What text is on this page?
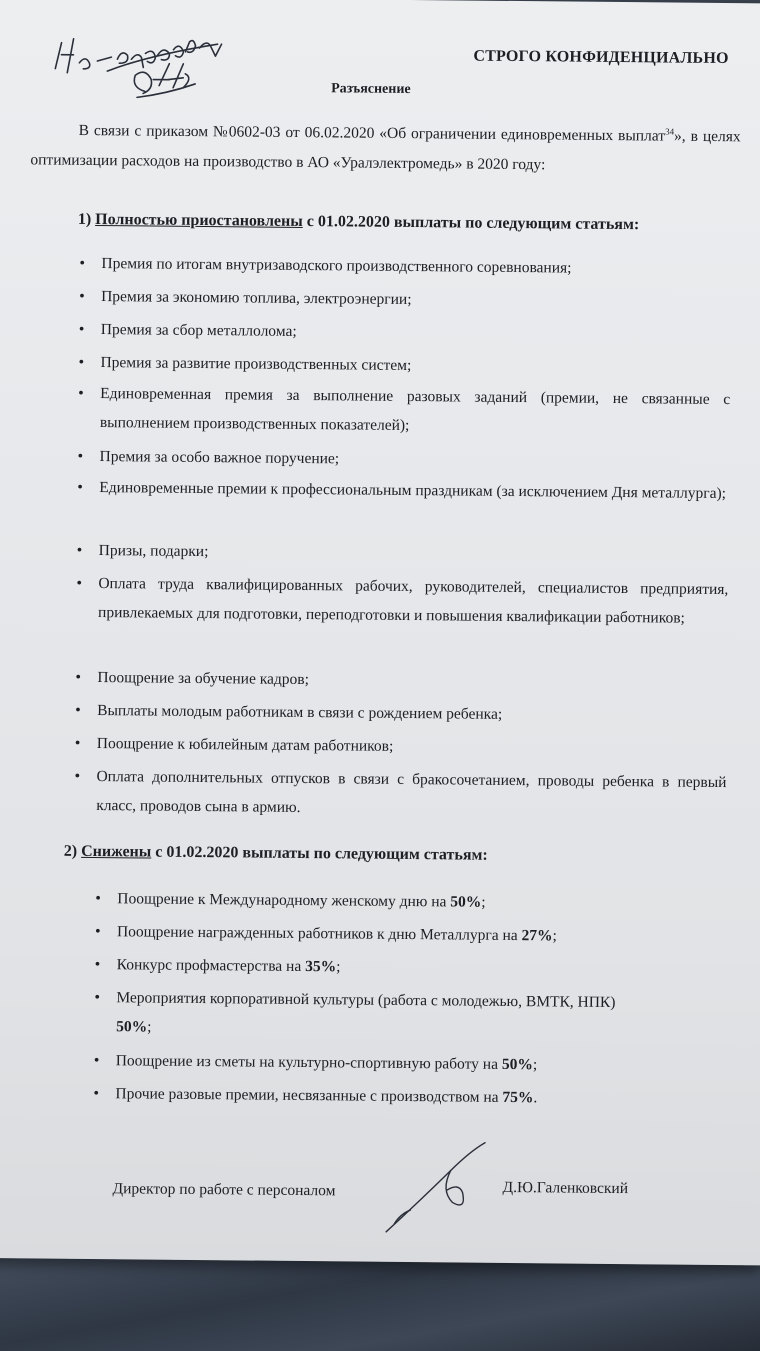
СТРОГО КОНФИДЕНЦИАЛЬНО
Разъяснение
В связи с приказом №0602-03 от 06.02.2020 «Об ограничении единовременных выплат$^{34}$», в целях оптимизации расходов на производство в АО «Уралэлектромедь» в 2020 году:
1) Полностью приостановлены с 01.02.2020 выплаты по следующим статьям:
• Премия по итогам внутризаводского производственного соревнования;
• Премия за экономию топлива, электроэнергии;
• Премия за сбор металлолома;
• Премия за развитие производственных систем;
• Единовременная премия за выполнение разовых заданий (премии, не связанные с выполнением производственных показателей);
• Премия за особо важное поручение;
• Единовременные премии к профессиональным праздникам (за исключением Дня металлурга);
• Призы, подарки;
• Оплата труда квалифицированных рабочих, руководителей, специалистов предприятия, привлекаемых для подготовки, переподготовки и повышения квалификации работников;
• Поощрение за обучение кадров;
• Выплаты молодым работникам в связи с рождением ребенка;
• Поощрение к юбилейным датам работников;
• Оплата дополнительных отпусков в связи с бракосочетанием, проводы ребенка в первый класс, проводов сына в армию.
2) Снижены с 01.02.2020 выплаты по следующим статьям:
• Поощрение к Международному женскому дню на 50%;
• Поощрение награжденных работников к дню Металлурга на 27%;
• Конкурс профмастерства на 35%;
• Мероприятия корпоративной культуры (работа с молодежью, ВМТК, НПК)
50%;
• Поощрение из сметы на культурно-спортивную работу на 50%;
• Прочие разовые премии, несвязанные с производством на 75%.
Директор по работе с персоналом	Д.Ю.Галенковский
